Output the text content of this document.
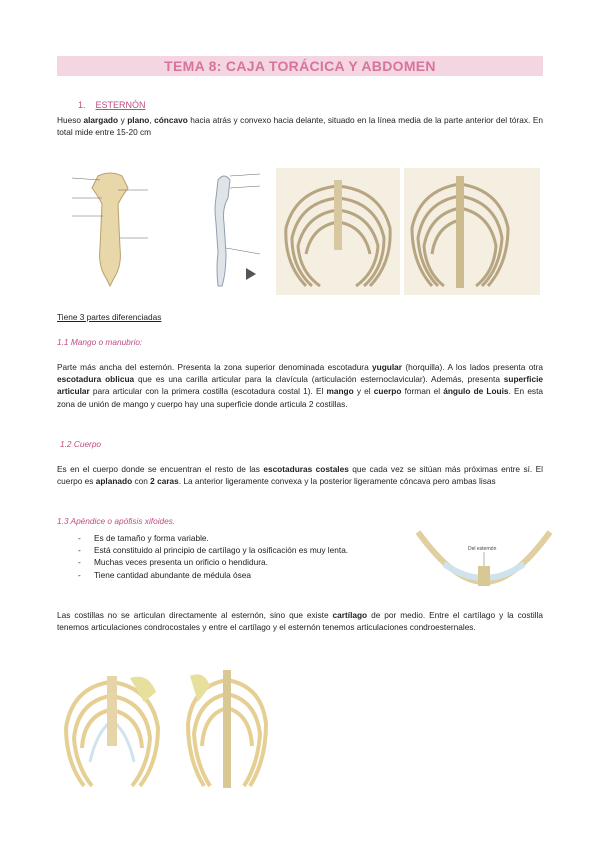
TEMA 8: CAJA TORÁCICA Y ABDOMEN
1. ESTERNÓN
Hueso alargado y plano, cóncavo hacia atrás y convexo hacia delante, situado en la línea media de la parte anterior del tórax. En total mide entre 15-20 cm
Tiene 3 partes diferenciadas
1.1 Mango o manubrio:
Parte más ancha del esternón. Presenta la zona superior denominada escotadura yugular (horquilla). A los lados presenta otra escotadura oblicua que es una carilla articular para la clavícula (articulación esternoclavicular). Además, presenta superficie articular para articular con la primera costilla (escotadura costal 1). El mango y el cuerpo forman el ángulo de Louis. En esta zona de unión de mango y cuerpo hay una superficie donde articula 2 costillas.
1.2 Cuerpo
Es en el cuerpo donde se encuentran el resto de las escotaduras costales que cada vez se sitúan más próximas entre sí. El cuerpo es aplanado con 2 caras. La anterior ligeramente convexa y la posterior ligeramente cóncava pero ambas lisas
1.3 Apéndice o apófisis xifoides.
-	Es de tamaño y forma variable.
-	Está constituido al principio de cartílago y la osificación es muy lenta.
-	Muchas veces presenta un orificio o hendidura.
-	Tiene cantidad abundante de médula ósea
Del esternón
Las costillas no se articulan directamente al esternón, sino que existe cartílago de por medio. Entre el cartílago y la costilla tenemos articulaciones condrocostales y entre el cartílago y el esternón tenemos articulaciones condroesternales.
